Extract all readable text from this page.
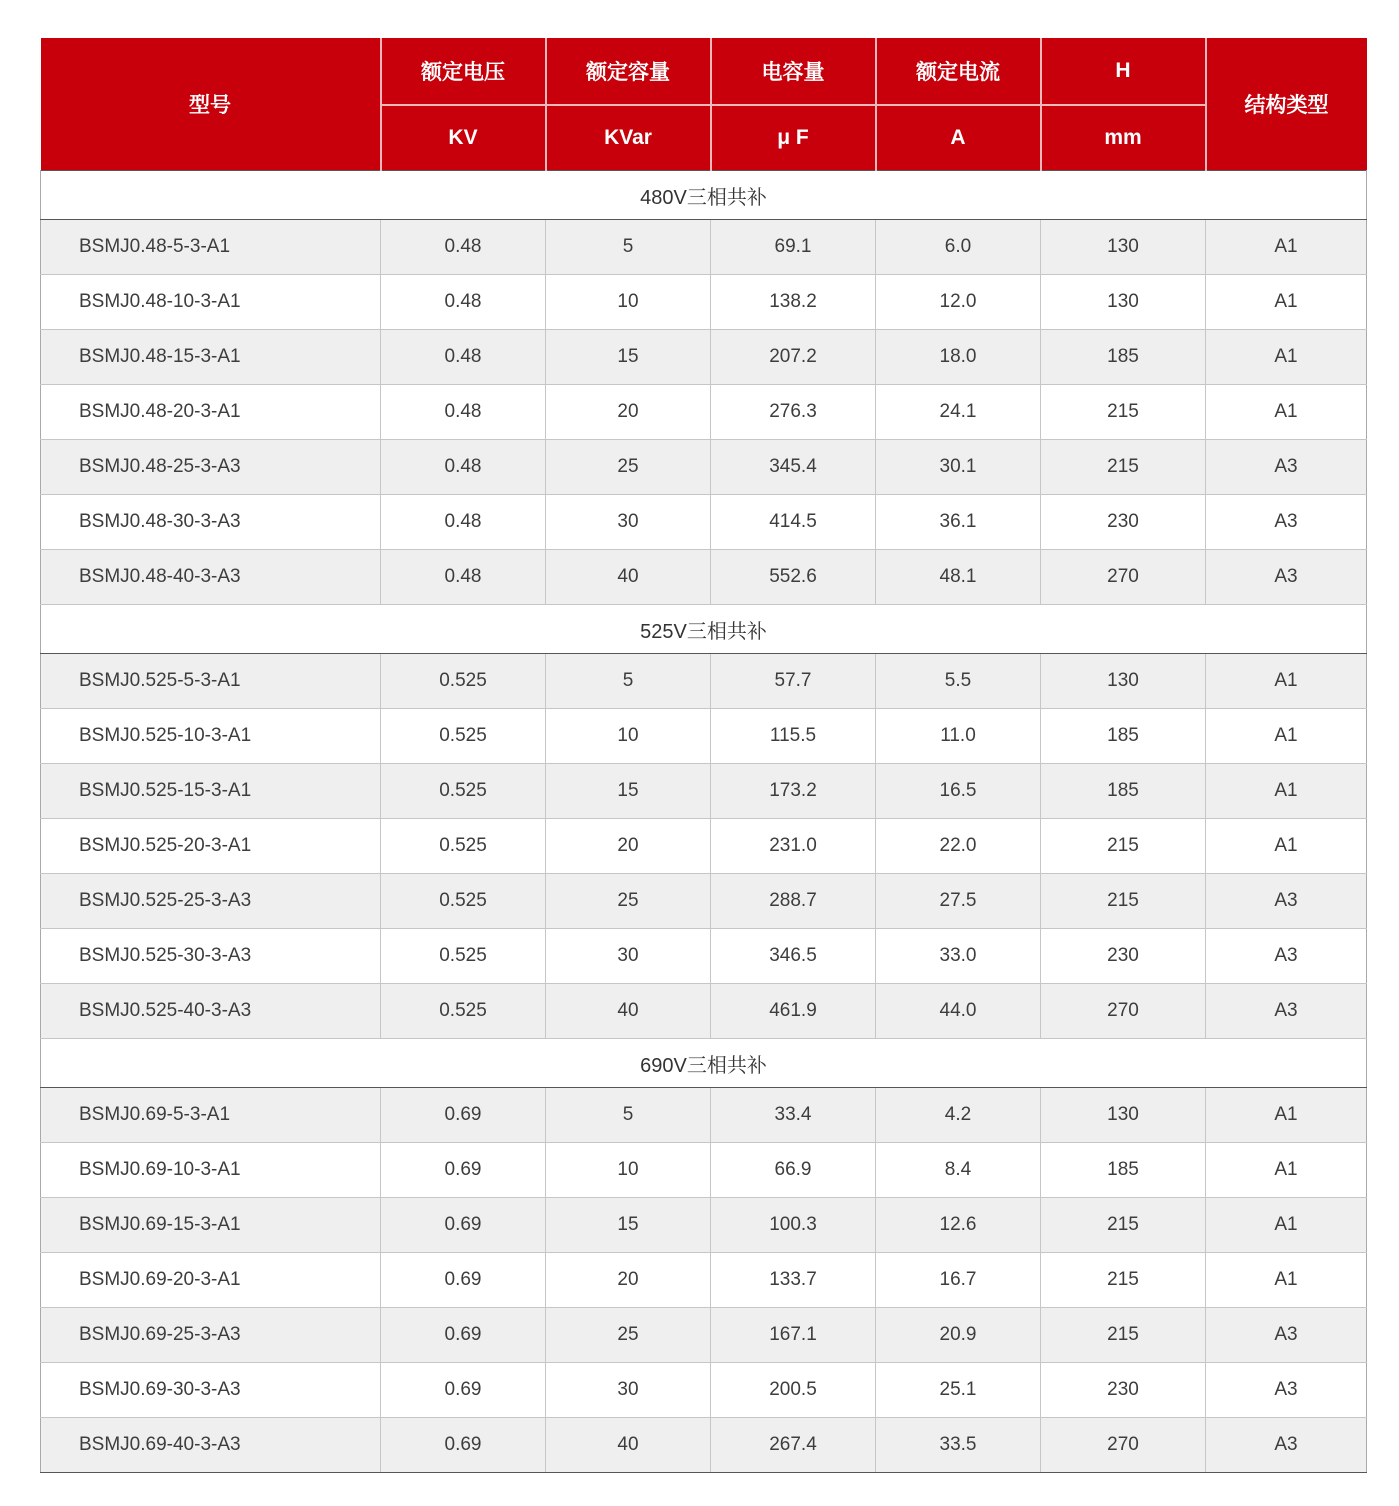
型号	额定电压	额定容量	电容量	额定电流	H	结构类型
	KV	KVar	μ F	A	mm	
480V三相共补						
BSMJ0.48-5-3-A1	0.48	5	69.1	6.0	130	A1
BSMJ0.48-10-3-A1	0.48	10	138.2	12.0	130	A1
BSMJ0.48-15-3-A1	0.48	15	207.2	18.0	185	A1
BSMJ0.48-20-3-A1	0.48	20	276.3	24.1	215	A1
BSMJ0.48-25-3-A3	0.48	25	345.4	30.1	215	A3
BSMJ0.48-30-3-A3	0.48	30	414.5	36.1	230	A3
BSMJ0.48-40-3-A3	0.48	40	552.6	48.1	270	A3
525V三相共补						
BSMJ0.525-5-3-A1	0.525	5	57.7	5.5	130	A1
BSMJ0.525-10-3-A1	0.525	10	115.5	11.0	185	A1
BSMJ0.525-15-3-A1	0.525	15	173.2	16.5	185	A1
BSMJ0.525-20-3-A1	0.525	20	231.0	22.0	215	A1
BSMJ0.525-25-3-A3	0.525	25	288.7	27.5	215	A3
BSMJ0.525-30-3-A3	0.525	30	346.5	33.0	230	A3
BSMJ0.525-40-3-A3	0.525	40	461.9	44.0	270	A3
690V三相共补						
BSMJ0.69-5-3-A1	0.69	5	33.4	4.2	130	A1
BSMJ0.69-10-3-A1	0.69	10	66.9	8.4	185	A1
BSMJ0.69-15-3-A1	0.69	15	100.3	12.6	215	A1
BSMJ0.69-20-3-A1	0.69	20	133.7	16.7	215	A1
BSMJ0.69-25-3-A3	0.69	25	167.1	20.9	215	A3
BSMJ0.69-30-3-A3	0.69	30	200.5	25.1	230	A3
BSMJ0.69-40-3-A3	0.69	40	267.4	33.5	270	A3
